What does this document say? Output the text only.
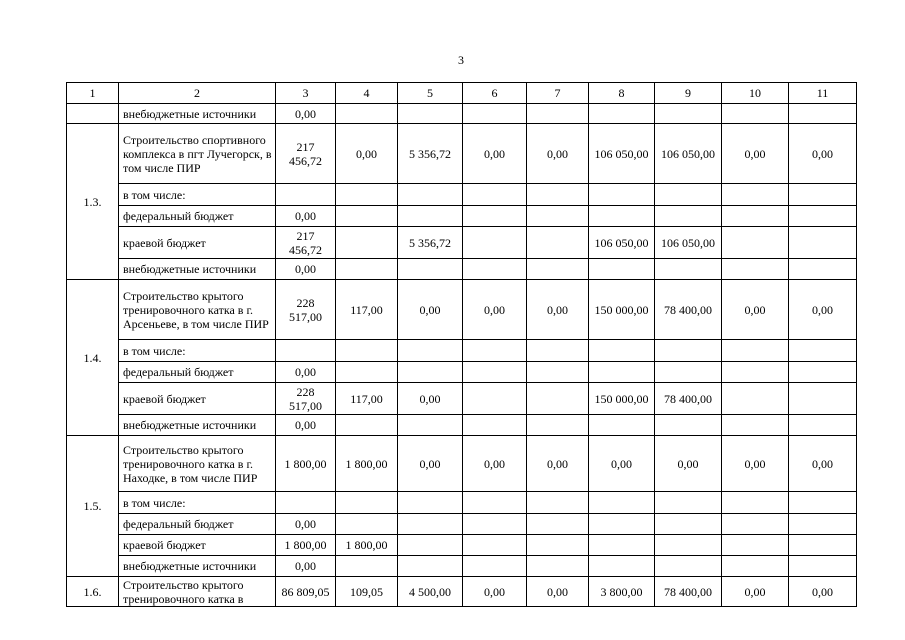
3
1	2	3	4	5	6	7	8	9	10	11
	внебюджетные источники	0,00								
1.3.	Строительство спортивного комплекса в пгт Лучегорск, в том числе ПИР	217 456,72	0,00	5 356,72	0,00	0,00	106 050,00	106 050,00	0,00	0,00
	в том числе:									
	федеральный бюджет	0,00								
	краевой бюджет	217 456,72		5 356,72			106 050,00	106 050,00		
	внебюджетные источники	0,00								
1.4.	Строительство крытого тренировочного катка в г. Арсеньеве, в том числе ПИР	228 517,00	117,00	0,00	0,00	0,00	150 000,00	78 400,00	0,00	0,00
	в том числе:									
	федеральный бюджет	0,00								
	краевой бюджет	228 517,00	117,00	0,00			150 000,00	78 400,00		
	внебюджетные источники	0,00								
1.5.	Строительство крытого тренировочного катка в г. Находке, в том числе ПИР	1 800,00	1 800,00	0,00	0,00	0,00	0,00	0,00	0,00	0,00
	в том числе:									
	федеральный бюджет	0,00								
	краевой бюджет	1 800,00	1 800,00							
	внебюджетные источники	0,00								
1.6.	Строительство крытого тренировочного катка в	86 809,05	109,05	4 500,00	0,00	0,00	3 800,00	78 400,00	0,00	0,00
